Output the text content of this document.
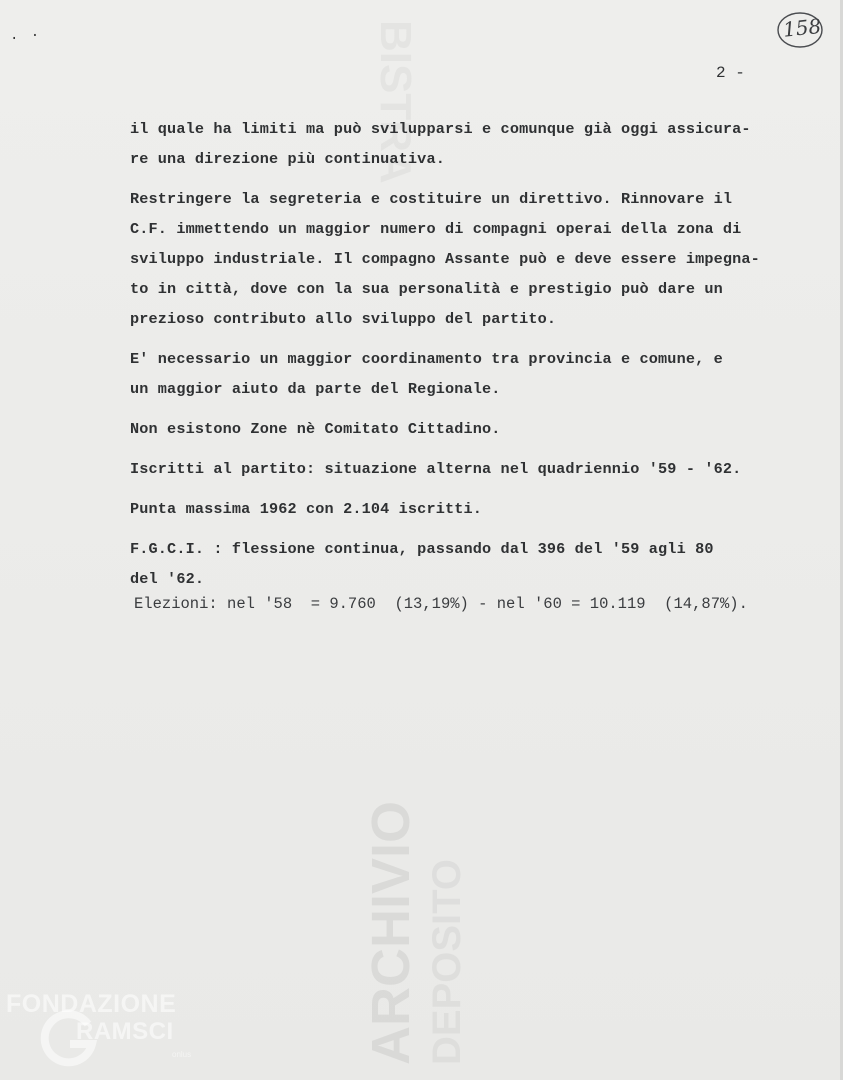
. ·	158
2 -
ARCHIVIO DEPOSITO
BISTRA
il quale ha limiti ma può svilupparsi e comunque già oggi assicura-
re una direzione più continuativa.
Restringere la segreteria e costituire un direttivo. Rinnovare il
C.F. immettendo un maggior numero di compagni operai della zona di
sviluppo industriale. Il compagno Assante può e deve essere impegna-
to in città, dove con la sua personalità e prestigio può dare un
prezioso contributo allo sviluppo del partito.
E' necessario un maggior coordinamento tra provincia e comune, e
un maggior aiuto da parte del Regionale.
Non esistono Zone nè Comitato Cittadino.
Iscritti al partito: situazione alterna nel quadriennio '59 - '62.
Punta massima 1962 con 2.104 iscritti.
F.G.C.I. : flessione continua, passando dal 396 del '59 agli 80
del '62.
Elezioni: nel '58  = 9.760  (13,19%) - nel '60 = 10.119  (14,87%).
FONDAZIONE
RAMSCI
onlus
